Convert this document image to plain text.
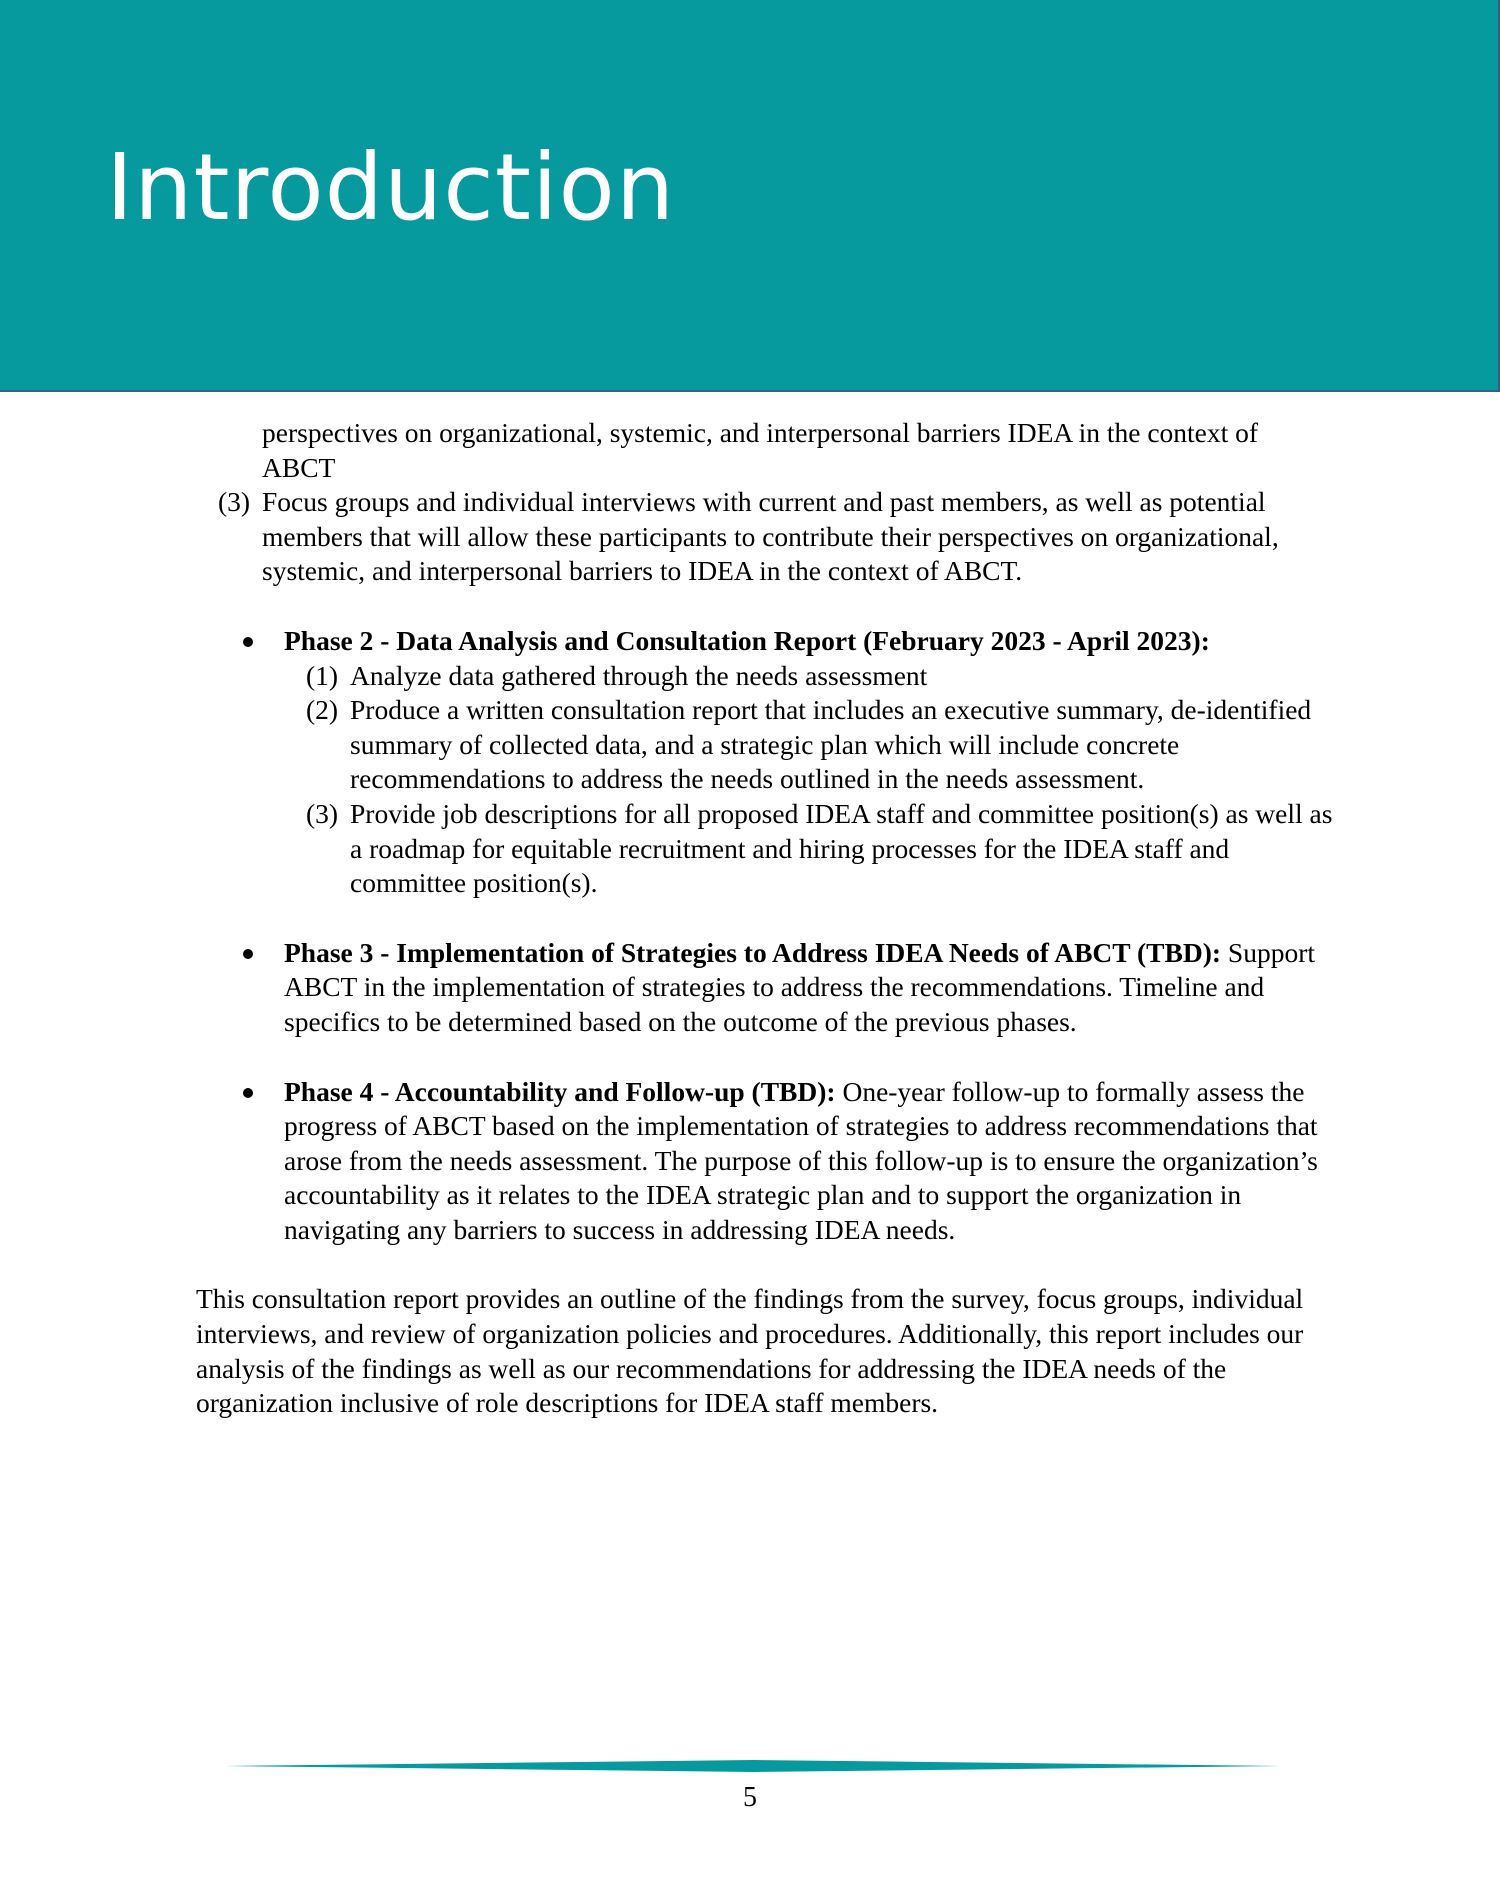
Introduction
perspectives on organizational, systemic, and interpersonal barriers IDEA in the context of ABCT
(3) Focus groups and individual interviews with current and past members, as well as potential members that will allow these participants to contribute their perspectives on organizational, systemic, and interpersonal barriers to IDEA in the context of ABCT.
Phase 2 - Data Analysis and Consultation Report (February 2023 - April 2023):
(1) Analyze data gathered through the needs assessment
(2) Produce a written consultation report that includes an executive summary, de-identified summary of collected data, and a strategic plan which will include concrete recommendations to address the needs outlined in the needs assessment.
(3) Provide job descriptions for all proposed IDEA staff and committee position(s) as well as a roadmap for equitable recruitment and hiring processes for the IDEA staff and committee position(s).
Phase 3 - Implementation of Strategies to Address IDEA Needs of ABCT (TBD): Support ABCT in the implementation of strategies to address the recommendations. Timeline and specifics to be determined based on the outcome of the previous phases.
Phase 4 - Accountability and Follow-up (TBD): One-year follow-up to formally assess the progress of ABCT based on the implementation of strategies to address recommendations that arose from the needs assessment. The purpose of this follow-up is to ensure the organization’s accountability as it relates to the IDEA strategic plan and to support the organization in navigating any barriers to success in addressing IDEA needs.

This consultation report provides an outline of the findings from the survey, focus groups, individual interviews, and review of organization policies and procedures. Additionally, this report includes our analysis of the findings as well as our recommendations for addressing the IDEA needs of the organization inclusive of role descriptions for IDEA staff members.

5
